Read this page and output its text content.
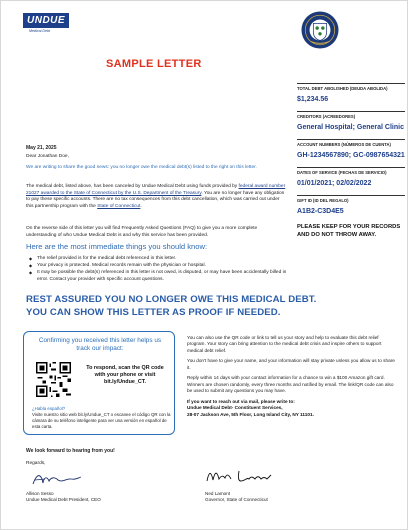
UNDUE
Medical Debt
SAMPLE LETTER
TOTAL DEBT ABOLISHED (DEUDA ABOLIDA)
$1,234.56
CREDITORS (ACREEDORES)
General Hospital; General Clinic
ACCOUNT NUMBERS (NÚMEROS DE CUENTA)
GH-1234567890; GC-0987654321
DATES OF SERVICE (FECHAS DE SERVICIO)
01/01/2021; 02/02/2022
GIFT ID (ID DEL REGALO)
A1B2-C3D4E5
PLEASE KEEP FOR YOUR RECORDS AND DO NOT THROW AWAY.
May 21, 2025
Dear Jonathan Doe,
We are writing to share the good news: you no longer owe the medical debt(s) listed to the right on this letter.
The medical debt, listed above, has been canceled by Undue Medical Debt using funds provided by federal award number 21027 awarded to the State of Connecticut by the U.S. Department of the Treasury. You are no longer have any obligation to pay these specific accounts. There are no tax consequences from this debt cancellation, which was carried out under this partnership program with the State of Connecticut.
On the reverse side of this letter you will find Frequently Asked Questions (FAQ) to give you a more complete understanding of who Undue Medical Debt is and why this service has been provided.
Here are the most immediate things you should know:
◆ The relief provided is for the medical debt referenced in this letter.
◆ Your privacy is protected. Medical records remain with the physician or hospital.
◆ It may be possible the debt(s) referenced in this letter is not owed, is disputed, or may have been accidentally billed in error. Contact your provider with specific account questions.
REST ASSURED YOU NO LONGER OWE THIS MEDICAL DEBT.
YOU CAN SHOW THIS LETTER AS PROOF IF NEEDED.
Confirming you received this letter helps us track our impact:
To respond, scan the QR code with your phone or visit bit.ly/Undue_CT.
¿Habla español?
Visite nuestro sitio web bit.ly/Undue_CT o escanee el código QR con la cámara de su teléfono inteligente para ver una versión en español de esta carta.

You can also use the QR code or link to tell us your story and help to evaluate this debt relief program. Your story can bring attention to the medical debt crisis and inspire others to support medical debt relief.

You don't have to give your name, and your information will stay private unless you allow us to share it.

Reply within 14 days with your contact information for a chance to win a $100 Amazon gift card. Winners are chosen randomly, every three months and notified by email. The link/QR code can also be used to submit any questions you may have.

If you want to reach out via mail, please write to:
Undue Medical Debt- Constituent Services,
28-07 Jackson Ave, 5th Floor, Long Island City, NY 11101.
We look forward to hearing from you!
Regards,
Allison Sesso
Undue Medical Debt President, CEO
Ned Lamont
Governor, State of Connecticut
